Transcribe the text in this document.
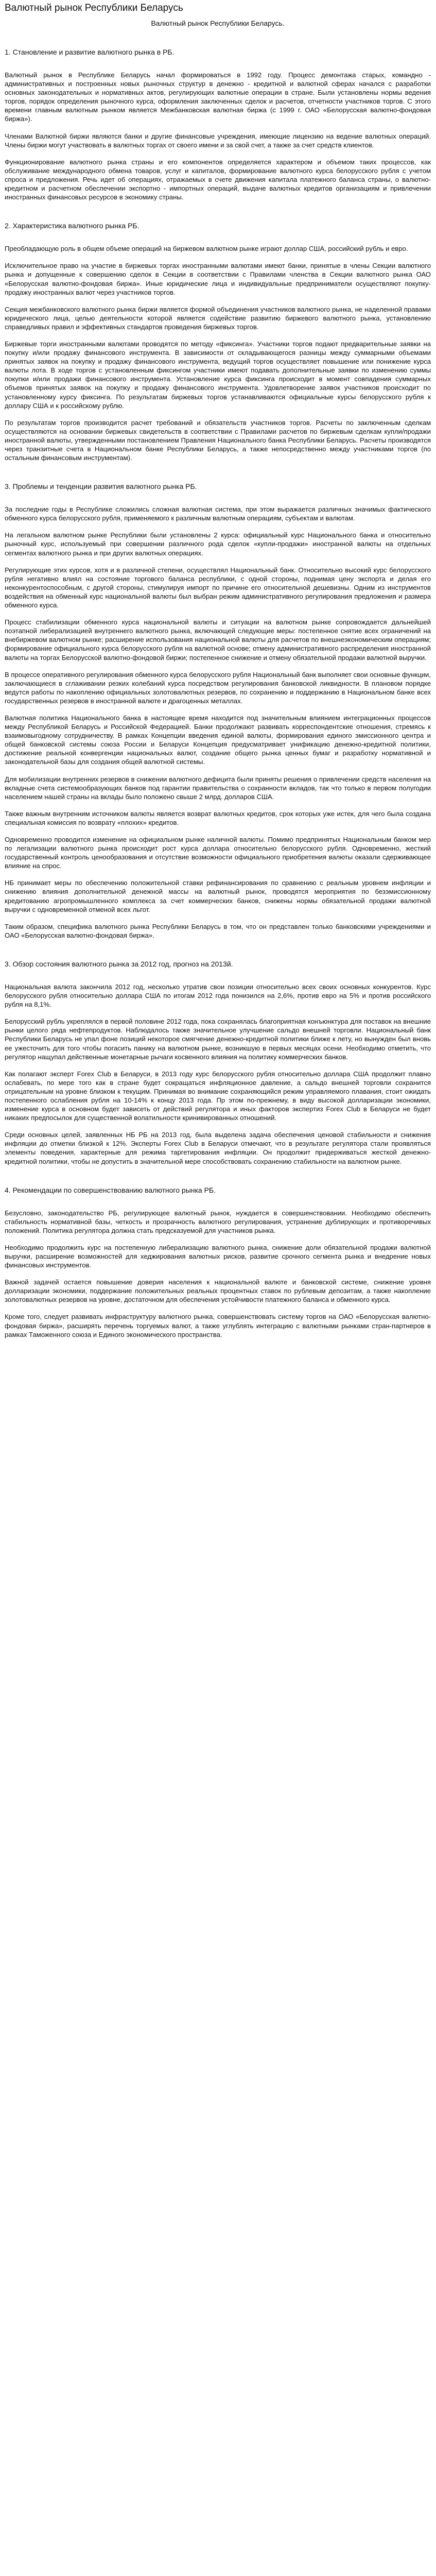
Валютный рынок Республики Беларусь
Валютный рынок Республики Беларусь.
1. Становление и развитие валютного рынка в РБ.

Валютный рынок в Республике Беларусь начал формироваться в 1992 году. Процесс демонтажа старых, командно - административных и построенных новых рыночных структур в денежно - кредитной и валютной сферах начался с разработки основных законодательных и нормативных актов, регулирующих валютные операции в стране. Были установлены нормы ведения торгов, порядок определения рыночного курса, оформления заключенных сделок и расчетов, отчетности участников торгов. С этого времени главным валютным рынком является Межбанковская валютная биржа (с 1999 г. ОАО «Белорусская валютно-фондовая биржа»).

Членами Валютной биржи являются банки и другие финансовые учреждения, имеющие лицензию на ведение валютных операций. Члены биржи могут участвовать в валютных торгах от своего имени и за свой счет, а также за счет средств клиентов.

Функционирование валютного рынка страны и его компонентов определяется характером и объемом таких процессов, как обслуживание международного обмена товаров, услуг и капиталов, формирование валютного курса белорусского рубля с учетом спроса и предложения. Речь идет об операциях, отражаемых в счете движения капитала платежного баланса страны, о валютно-кредитном и расчетном обеспечении экспортно - импортных операций, выдаче валютных кредитов организациям и привлечении иностранных финансовых ресурсов в экономику страны.

2. Характеристика валютного рынка РБ.

Преобладающую роль в общем объеме операций на биржевом валютном рынке играют доллар США, российский рубль и евро.

Исключительное право на участие в биржевых торгах иностранными валютами имеют банки, принятые в члены Секции валютного рынка и допущенные к совершению сделок в Секции в соответствии с Правилами членства в Секции валютного рынка ОАО «Белорусская валютно-фондовая биржа». Иные юридические лица и индивидуальные предприниматели осуществляют покупку-продажу иностранных валют через участников торгов.

Секция межбанковского валютного рынка биржи является формой объединения участников валютного рынка, не наделенной правами юридического лица, целью деятельности которой является содействие развитию биржевого валютного рынка, установлению справедливых правил и эффективных стандартов проведения биржевых торгов.

Биржевые торги иностранными валютами проводятся по методу «фиксинга». Участники торгов подают предварительные заявки на покупку и/или продажу финансового инструмента. В зависимости от складывающегося разницы между суммарными объемами принятых заявок на покупку и продажу финансового инструмента, ведущий торгов осуществляет повышение или понижение курса валюты лота. В ходе торгов с установленным фиксингом участники имеют подавать дополнительные заявки по изменению суммы покупки и/или продажи финансового инструмента. Установление курса фиксинга происходит в момент совпадения суммарных объемов принятых заявок на покупку и продажу финансового инструмента. Удовлетворение заявок участников происходит по установленному курсу фиксинга. По результатам биржевых торгов устанавливаются официальные курсы белорусского рубля к доллару США и к российскому рублю.

По результатам торгов производится расчет требований и обязательств участников торгов. Расчеты по заключенным сделкам осуществляются на основании биржевых свидетельств в соответствии с Правилами расчетов по биржевым сделкам купли/продажи иностранной валюты, утвержденными постановлением Правления Национального банка Республики Беларусь. Расчеты производятся через транзитные счета в Национальном банке Республики Беларусь, а также непосредственно между участниками торгов (по остальным финансовым инструментам).

3. Проблемы и тенденции развития валютного рынка РБ.

За последние годы в Республике сложились сложная валютная система, при этом выражается различных значимых фактического обменного курса белорусского рубля, применяемого к различным валютным операциям, субъектам и валютам.

На легальном валютном рынке Республики были установлены 2 курса: официальный курс Национального банка и относительно рыночный курс, используемый при совершении различного рода сделок «купли-продажи» иностранной валюты на отдельных сегментах валютного рынка и при других валютных операциях.

Регулирующие этих курсов, хотя и в различной степени, осуществлял Национальный банк. Относительно высокий курс белорусского рубля негативно влиял на состояние торгового баланса республики, с одной стороны, поднимая цену экспорта и делая его неконкурентоспособным, с другой стороны, стимулируя импорт по причине его относительной дешевизны. Одним из инструментов воздействия на обменный курс национальной валюты был выбран режим административного регулирования предложения и размера обменного курса.

Процесс стабилизации обменного курса национальной валюты и ситуации на валютном рынке сопровождается дальнейшей поэтапной либерализацией внутреннего валютного рынка, включающей следующие меры: постепенное снятие всех ограничений на внебиржевом валютном рынке; расширение использования национальной валюты для расчетов по внешнеэкономическим операциям; формирование официального курса белорусского рубля на валютной основе; отмену административного распределения иностранной валюты на торгах Белорусской валютно-фондовой биржи; постепенное снижение и отмену обязательной продажи валютной выручки.

В процессе оперативного регулирования обменного курса белорусского рубля Национальный банк выполняет свои основные функции, заключающиеся в сглаживании резких колебаний курса посредством регулирования банковской ликвидности. В плановом порядке ведутся работы по накоплению официальных золотовалютных резервов, по сохранению и поддержанию в Национальном банке всех государственных резервов в иностранной валюте и драгоценных металлах.

Валютная политика Национального банка в настоящее время находится под значительным влиянием интеграционных процессов между Республикой Беларусь и Российской Федерацией. Банки продолжают развивать корреспондентские отношения, стремясь к взаимовыгодному сотрудничеству. В рамках Концепции введения единой валюты, формирования единого эмиссионного центра и общей банковской системы союза России и Беларуси Концепция предусматривает унификацию денежно-кредитной политики, достижение реальной конвергенции национальных валют, создание общего рынка ценных бумаг и разработку нормативной и законодательной базы для создания общей валютной системы.

Для мобилизации внутренних резервов в снижении валютного дефицита были приняты решения о привлечении средств населения на вкладные счета системообразующих банков под гарантии правительства о сохранности вкладов, так что только в первом полугодии населением нашей страны на вклады было положено свыше 2 млрд. долларов США.

Также важным внутренним источником валюты является возврат валютных кредитов, срок которых уже истек, для чего была создана специальная комиссия по возврату «плохих» кредитов.

Одновременно проводится изменение на официальном рынке наличной валюты. Помимо предпринятых Национальным банком мер по легализации валютного рынка происходит рост курса доллара относительно белорусского рубля. Одновременно, жесткий государственный контроль ценообразования и отсутствие возможности официального приобретения валюты оказали сдерживающее влияние на спрос.

НБ принимает меры по обеспечению положительной ставки рефинансирования по сравнению с реальным уровнем инфляции и снижению влияния дополнительной денежной массы на валютный рынок, проводятся мероприятия по безэмиссионному кредитованию агропромышленного комплекса за счет коммерческих банков, снижены нормы обязательной продажи валютной выручки с одновременной отменой всех льгот.

Таким образом, специфика валютного рынка Республики Беларусь в том, что он представлен только банковскими учреждениями и ОАО «Белорусская валютно-фондовая биржа».

3. Обзор состояния валютного рынка за 2012 год, прогноз на 2013й.

Национальная валюта закончила 2012 год, несколько утратив свои позиции относительно всех своих основных конкурентов. Курс белорусского рубля относительно доллара США по итогам 2012 года понизился на 2,6%, против евро на 5% и против российского рубля на 8,1%.

Белорусский рубль укреплялся в первой половине 2012 года, пока сохранялась благоприятная конъюнктура для поставок на внешние рынки целого ряда нефтепродуктов. Наблюдалось также значительное улучшение сальдо внешней торговли. Национальный банк Республики Беларусь не упал фоне позиций некоторое смягчение денежно-кредитной политики ближе к лету, но вынужден был вновь ее ужесточить для того чтобы погасить панику на валютном рынке, возникшую в первых месяцах осени. Необходимо отметить, что регулятор нащупал действенные монетарные рычаги косвенного влияния на политику коммерческих банков.

Как полагают эксперт Forex Club в Беларуси, в 2013 году курс белорусского рубля относительно доллара США продолжит плавно ослабевать, по мере того как в стране будет сокращаться инфляционное давление, а сальдо внешней торговли сохранится отрицательным на уровне близком к текущим. Принимая во внимание сохраняющийся режим управляемого плавания, стоит ожидать постепенного ослабления рубля на 10-14% к концу 2013 года. Пр этом по-прежнему, в виду высокой долларизации экономики, изменение курса в основном будет зависеть от действий регулятора и иных факторов экспертиз Forex Club в Беларуси не будет никаких предпосылок для существенной волатильности кринивированных отношений.

Среди основных целей, заявленных НБ РБ на 2013 год, была выделена задача обеспечения ценовой стабильности и снижения инфляции до отметки близкой к 12%. Эксперты Forex Club в Беларуси отмечают, что в результате регулятора стали проявляться элементы поведения, характерные для режима таргетирования инфляции. Он продолжит придерживаться жесткой денежно-кредитной политики, чтобы не допустить в значительной мере способствовать сохранению стабильности на валютном рынке.

4. Рекомендации по совершенствованию валютного рынка РБ.

Безусловно, законодательство РБ, регулирующее валютный рынок, нуждается в совершенствовании. Необходимо обеспечить стабильность нормативной базы, четкость и прозрачность валютного регулирования, устранение дублирующих и противоречивых положений. Политика регулятора должна стать предсказуемой для участников рынка.

Необходимо продолжить курс на постепенную либерализацию валютного рынка, снижение доли обязательной продажи валютной выручки, расширение возможностей для хеджирования валютных рисков, развитие срочного сегмента рынка и внедрение новых финансовых инструментов.

Важной задачей остается повышение доверия населения к национальной валюте и банковской системе, снижение уровня долларизации экономики, поддержание положительных реальных процентных ставок по рублевым депозитам, а также накопление золотовалютных резервов на уровне, достаточном для обеспечения устойчивости платежного баланса и обменного курса.

Кроме того, следует развивать инфраструктуру валютного рынка, совершенствовать систему торгов на ОАО «Белорусская валютно-фондовая биржа», расширять перечень торгуемых валют, а также углублять интеграцию с валютными рынками стран-партнеров в рамках Таможенного союза и Единого экономического пространства.
